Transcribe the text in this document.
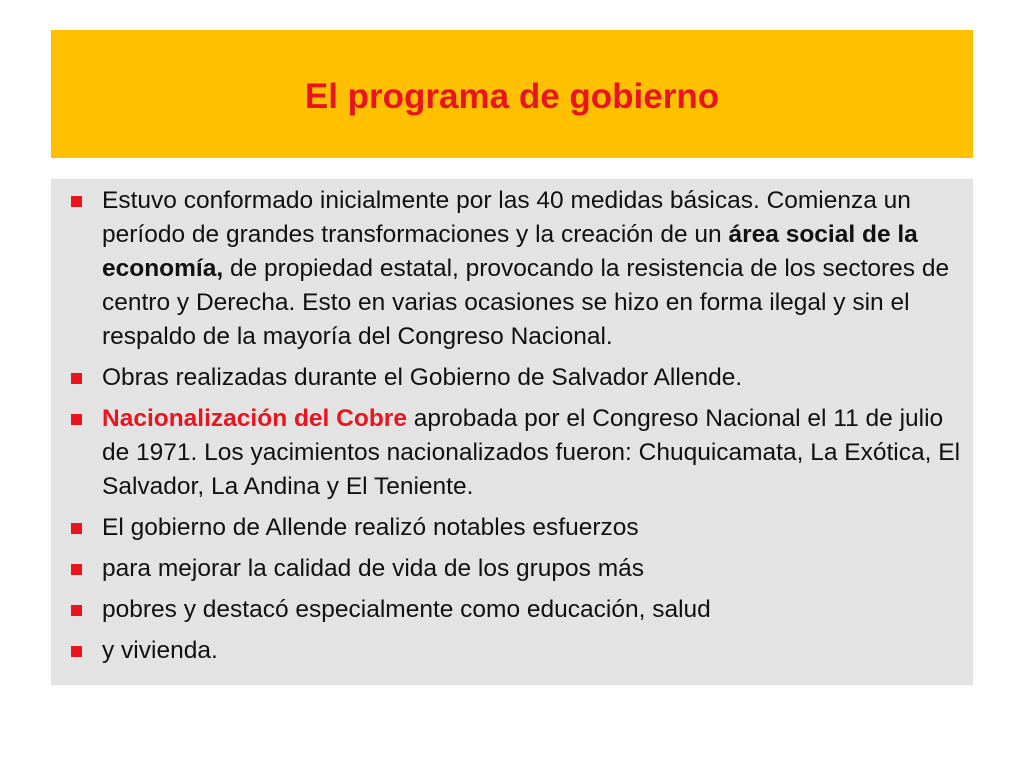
El programa de gobierno
Estuvo conformado inicialmente por las 40 medidas básicas. Comienza un período de grandes transformaciones y la creación de un área social de la economía, de propiedad estatal, provocando la resistencia de los sectores de centro y Derecha. Esto en varias ocasiones se hizo en forma ilegal y sin el respaldo de la mayoría del Congreso Nacional.
Obras realizadas durante el Gobierno de Salvador Allende.
Nacionalización del Cobre aprobada por el Congreso Nacional el 11 de julio de 1971. Los yacimientos nacionalizados fueron: Chuquicamata, La Exótica, El Salvador, La Andina y El Teniente.
El gobierno de Allende realizó notables esfuerzos
para mejorar la calidad de vida de los grupos más
pobres y destacó especialmente como educación, salud
y vivienda.
